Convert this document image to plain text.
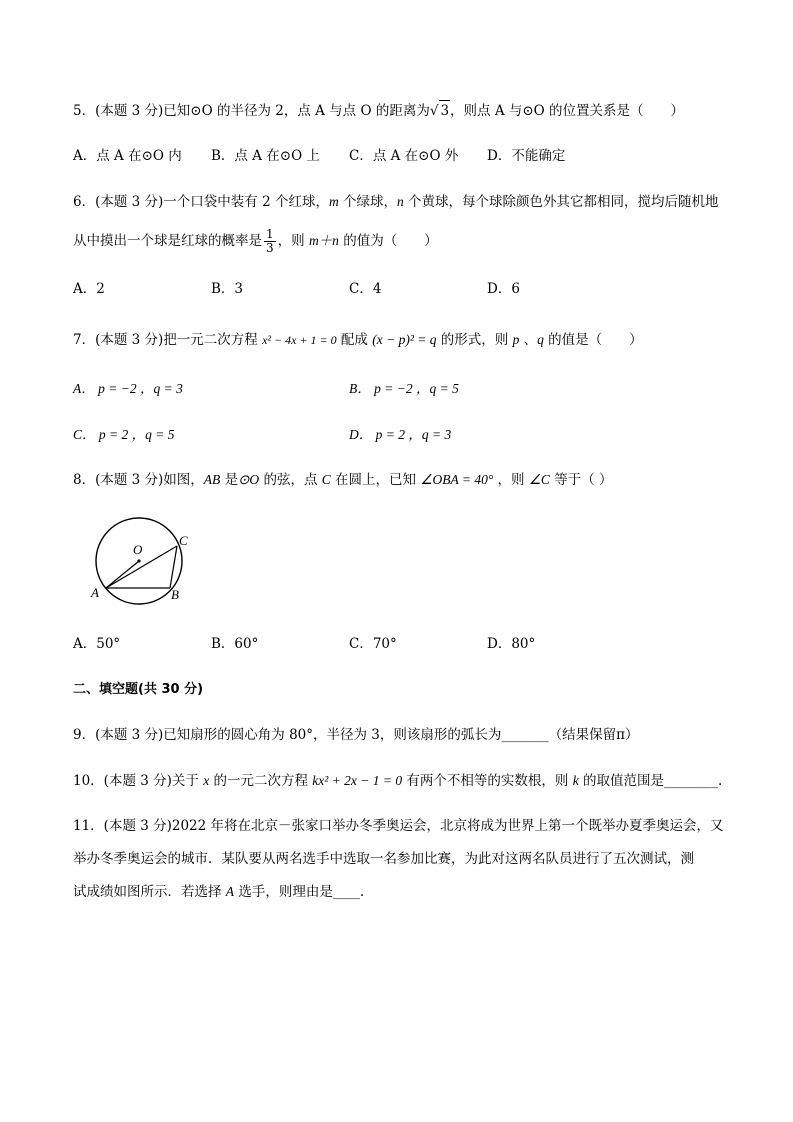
5．(本题 3 分)已知⊙O 的半径为 2，点 A 与点 O 的距离为√ 3，则点 A 与⊙O 的位置关系是（　　）
A．点 A 在⊙O 内 B．点 A 在⊙O 上 C．点 A 在⊙O 外 D．不能确定
6．(本题 3 分)一个口袋中装有 2 个红球，m 个绿球，n 个黄球，每个球除颜色外其它都相同，搅均后随机地
从中摸出一个球是红球的概率是 $\frac{1}{3}$ ，则 m＋n 的值为（　　）
A．2	B．3	C．4	D．6
7．(本题 3 分)把一元二次方程 x² − 4x + 1 = 0 配成 (x − p)² = q 的形式，则 p 、q 的值是（　　）
A． p = −2 ，q = 3	B． p = −2 ，q = 5
C． p = 2 ，q = 5	D． p = 2 ，q = 3
8．(本题 3 分)如图，AB 是⊙O 的弦，点 C 在圆上，已知 ∠OBA = 40° ，则 ∠C 等于（ ）
O
A	B
C
A．50°	B．60°	C．70°	D．80°
二、填空题(共 30 分)
9．(本题 3 分)已知扇形的圆心角为 80°，半径为 3，则该扇形的弧长为_______（结果保留π）
10．(本题 3 分)关于 x 的一元二次方程 kx² + 2x − 1 = 0 有两个不相等的实数根，则 k 的取值范围是________.
11．(本题 3 分)2022 年将在北京－张家口举办冬季奥运会，北京将成为世界上第一个既举办夏季奥运会，又
举办冬季奥运会的城市．某队要从两名选手中选取一名参加比赛，为此对这两名队员进行了五次测试，测
试成绩如图所示．若选择 A 选手，则理由是____.
